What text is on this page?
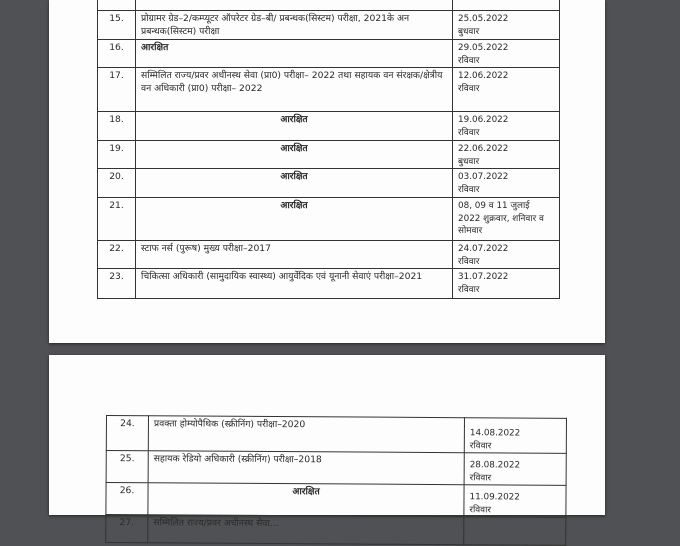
15.	प्रोग्रामर ग्रेड–2/कम्प्यूटर ऑपरेटर ग्रेड–बी/ प्रबन्धक(सिस्टम) परीक्षा, 2021के अन प्रबन्धक(सिस्टम) परीक्षा	25.05.2022
बुधवार

16.	आरक्षित	29.05.2022
रविवार

17.	सम्मिलित राज्य/प्रवर अधीनस्थ सेवा (प्रा0) परीक्षा– 2022 तथा सहायक वन संरक्षक/क्षेत्रीय वन अधिकारी (प्रा0) परीक्षा– 2022	12.06.2022
रविवार

18.	आरक्षित	19.06.2022
रविवार

19.	आरक्षित	22.06.2022
बुधवार

20.	आरक्षित	03.07.2022
रविवार

21.	आरक्षित	08, 09 व 11 जुलाई 2022 शुक्रवार, शनिवार व सोमवार

22.	स्टाफ नर्स (पुरूष) मुख्य परीक्षा–2017	24.07.2022
रविवार

23.	चिकित्सा अधिकारी (सामुदायिक स्वास्थ्य) आयुर्वेदिक एवं यूनानी सेवाएं परीक्षा–2021	31.07.2022
रविवार
24.	प्रवक्ता होम्योपैथिक (स्क्रीनिंग) परीक्षा–2020	14.08.2022
रविवार

25.	सहायक रेडियो अधिकारी (स्क्रीनिंग) परीक्षा–2018	28.08.2022
रविवार

26.	आरक्षित	11.09.2022
रविवार

27.	सम्मिलित राज्य/प्रवर अधीनस्थ सेवा...	
